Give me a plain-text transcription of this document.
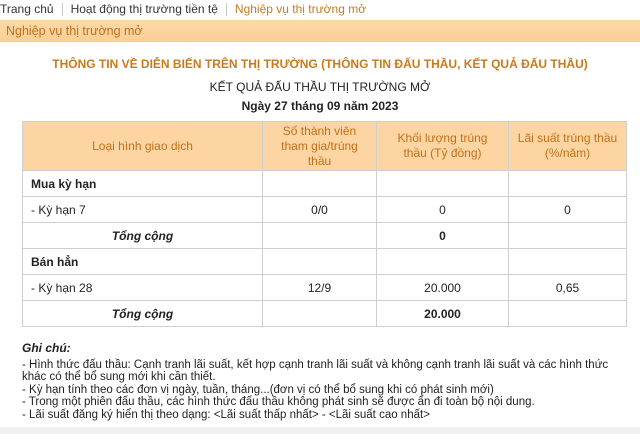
Trang chủ Hoạt động thị trường tiền tệ Nghiệp vụ thị trường mở
Nghiệp vụ thị trường mở
THÔNG TIN VỀ DIỄN BIẾN TRÊN THỊ TRƯỜNG (THÔNG TIN ĐẤU THẦU, KẾT QUẢ ĐẤU THẦU)
KẾT QUẢ ĐẤU THẦU THỊ TRƯỜNG MỞ
Ngày 27 tháng 09 năm 2023
Loại hình giao dịch	Số thành viên tham gia/trúng thầu	Khối lượng trúng thầu (Tỷ đồng)	Lãi suất trúng thầu (%/năm)
Mua kỳ hạn			
- Kỳ hạn 7	0/0	0	0
Tổng cộng		0	
Bán hẳn			
- Kỳ hạn 28	12/9	20.000	0,65
Tổng cộng		20.000	
Ghi chú:
- Hình thức đấu thầu: Cạnh tranh lãi suất, kết hợp cạnh tranh lãi suất và không cạnh tranh lãi suất và các hình thức khác có thể bổ sung mới khi cần thiết.
- Kỳ hạn tính theo các đơn vị ngày, tuần, tháng...(đơn vị có thể bổ sung khi có phát sinh mới)
- Trong một phiên đấu thầu, các hình thức đấu thầu không phát sinh sẽ được ẩn đi toàn bộ nội dung.
- Lãi suất đăng ký hiển thị theo dạng: <Lãi suất thấp nhất> - <Lãi suất cao nhất>
